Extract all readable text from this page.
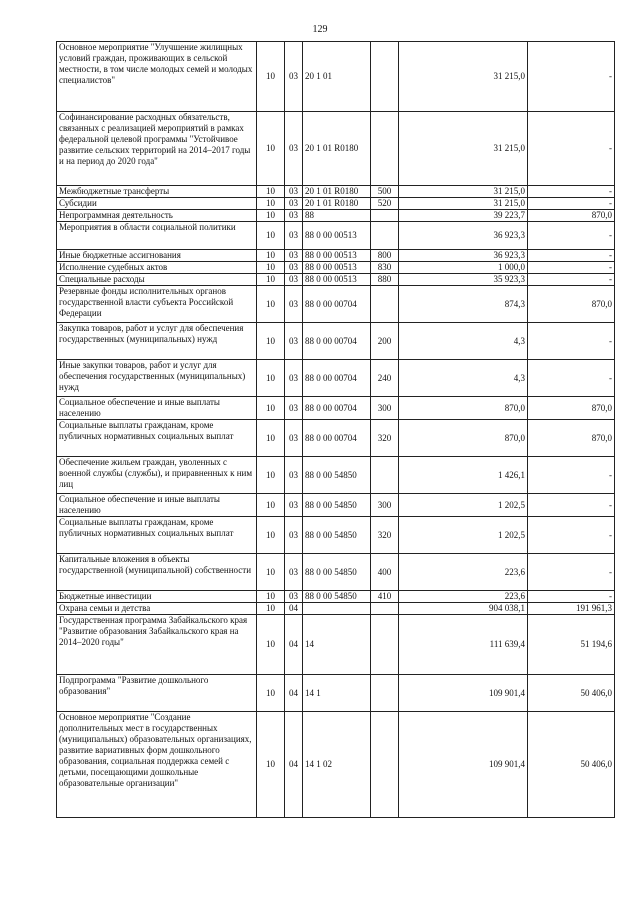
129
Основное мероприятие "Улучшение жилищных условий граждан, проживающих в сельской местности, в том числе молодых семей и молодых специалистов"	10	03	20 1 01		31 215,0	-
Софинансирование расходных обязательств, связанных с реализацией мероприятий в рамках федеральной целевой программы "Устойчивое развитие сельских территорий на 2014–2017 годы и на период до 2020 года"	10	03	20 1 01 R0180		31 215,0	-
Межбюджетные трансферты	10	03	20 1 01 R0180	500	31 215,0	-
Субсидии	10	03	20 1 01 R0180	520	31 215,0	-
Непрограммная деятельность	10	03	88		39 223,7	870,0
Мероприятия в области социальной политики	10	03	88 0 00 00513		36 923,3	-
Иные бюджетные ассигнования	10	03	88 0 00 00513	800	36 923,3	-
Исполнение судебных актов	10	03	88 0 00 00513	830	1 000,0	-
Специальные расходы	10	03	88 0 00 00513	880	35 923,3	-
Резервные фонды исполнительных органов государственной власти субъекта Российской Федерации	10	03	88 0 00 00704		874,3	870,0
Закупка товаров, работ и услуг для обеспечения государственных (муниципальных) нужд	10	03	88 0 00 00704	200	4,3	-
Иные закупки товаров, работ и услуг для обеспечения государственных (муниципальных) нужд	10	03	88 0 00 00704	240	4,3	-
Социальное обеспечение и иные выплаты населению	10	03	88 0 00 00704	300	870,0	870,0
Социальные выплаты гражданам, кроме публичных нормативных социальных выплат	10	03	88 0 00 00704	320	870,0	870,0
Обеспечение жильем граждан, уволенных с военной службы (службы), и приравненных к ним лиц	10	03	88 0 00 54850		1 426,1	-
Социальное обеспечение и иные выплаты населению	10	03	88 0 00 54850	300	1 202,5	-
Социальные выплаты гражданам, кроме публичных нормативных социальных выплат	10	03	88 0 00 54850	320	1 202,5	-
Капитальные вложения в объекты государственной (муниципальной) собственности	10	03	88 0 00 54850	400	223,6	-
Бюджетные инвестиции	10	03	88 0 00 54850	410	223,6	-
Охрана семьи и детства	10	04			904 038,1	191 961,3
Государственная программа Забайкальского края "Развитие образования Забайкальского края на 2014–2020 годы"	10	04	14		111 639,4	51 194,6
Подпрограмма "Развитие дошкольного образования"	10	04	14 1		109 901,4	50 406,0
Основное мероприятие "Создание дополнительных мест в государственных (муниципальных) образовательных организациях, развитие вариативных форм дошкольного образования, социальная поддержка семей с детьми, посещающими дошкольные образовательные организации"	10	04	14 1 02		109 901,4	50 406,0
